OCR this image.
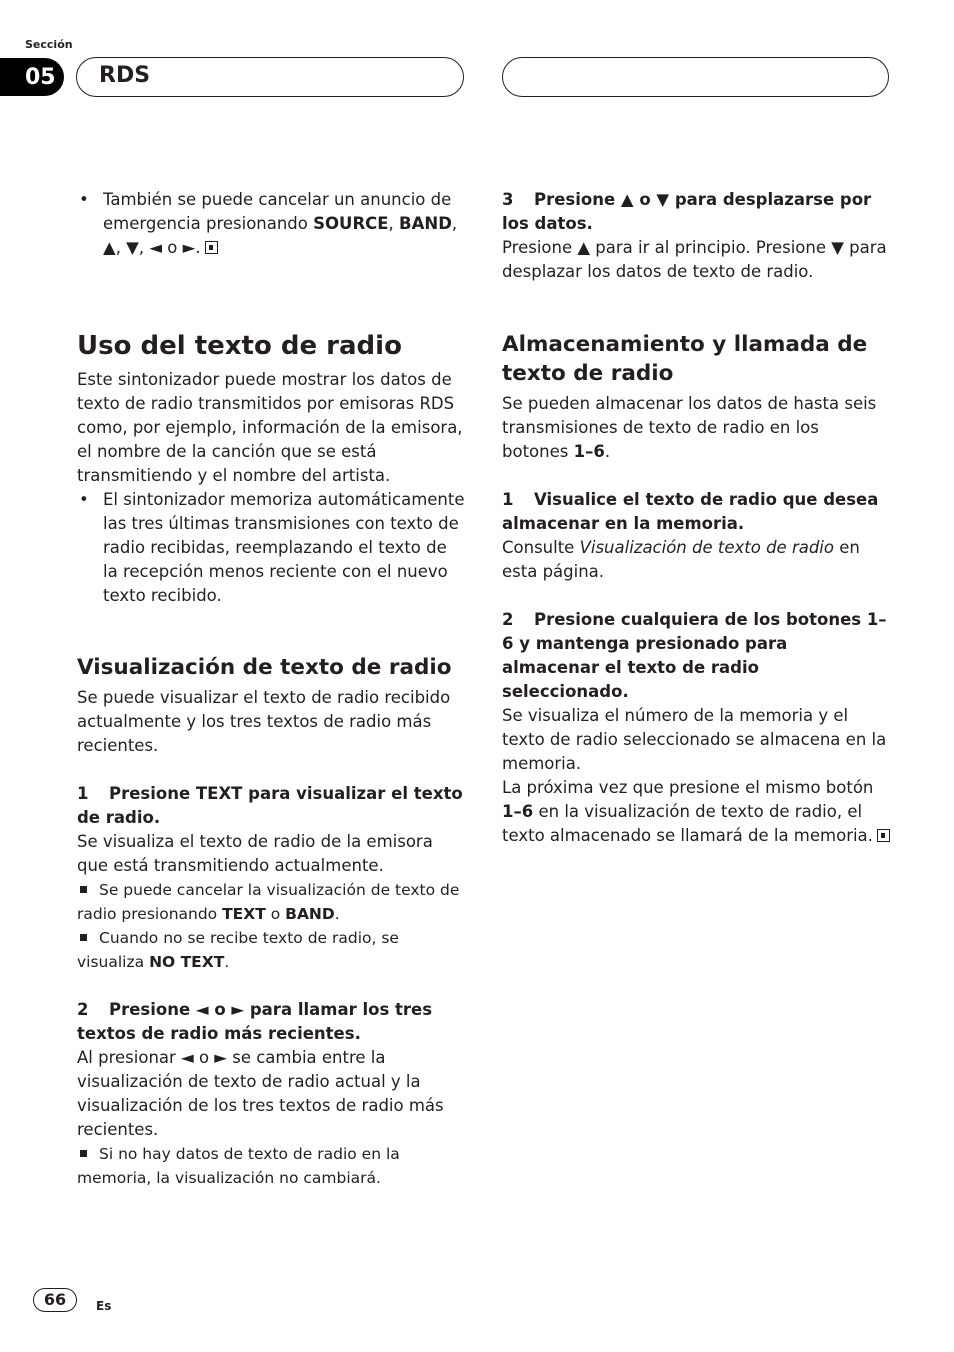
Sección
05	RDS

• También se puede cancelar un anuncio de emergencia presionando SOURCE, BAND,
▲, ▼, ◄ o ►.

Uso del texto de radio

Este sintonizador puede mostrar los datos de texto de radio transmitidos por emisoras RDS como, por ejemplo, información de la emisora, el nombre de la canción que se está transmitiendo y el nombre del artista.

• El sintonizador memoriza automáticamente las tres últimas transmisiones con texto de radio recibidas, reemplazando el texto de la recepción menos reciente con el nuevo texto recibido.

Visualización de texto de radio

Se puede visualizar el texto de radio recibido actualmente y los tres textos de radio más recientes.

1 Presione TEXT para visualizar el texto de radio.

Se visualiza el texto de radio de la emisora que está transmitiendo actualmente.

Se puede cancelar la visualización de texto de radio presionando TEXT o BAND.

Cuando no se recibe texto de radio, se visualiza NO TEXT.

2 Presione ◄ o ► para llamar los tres textos de radio más recientes.

Al presionar ◄ o ► se cambia entre la visualización de texto de radio actual y la visualización de los tres textos de radio más recientes.

Si no hay datos de texto de radio en la memoria, la visualización no cambiará.

3 Presione ▲ o ▼ para desplazarse por los datos.

Presione ▲ para ir al principio. Presione ▼ para desplazar los datos de texto de radio.

Almacenamiento y llamada de texto de radio

Se pueden almacenar los datos de hasta seis transmisiones de texto de radio en los botones 1–6.

1 Visualice el texto de radio que desea almacenar en la memoria.

Consulte Visualización de texto de radio en esta página.

2 Presione cualquiera de los botones 1–6 y mantenga presionado para almacenar el texto de radio seleccionado.

Se visualiza el número de la memoria y el texto de radio seleccionado se almacena en la memoria.

La próxima vez que presione el mismo botón 1–6 en la visualización de texto de radio, el texto almacenado se llamará de la memoria.

66	Es
